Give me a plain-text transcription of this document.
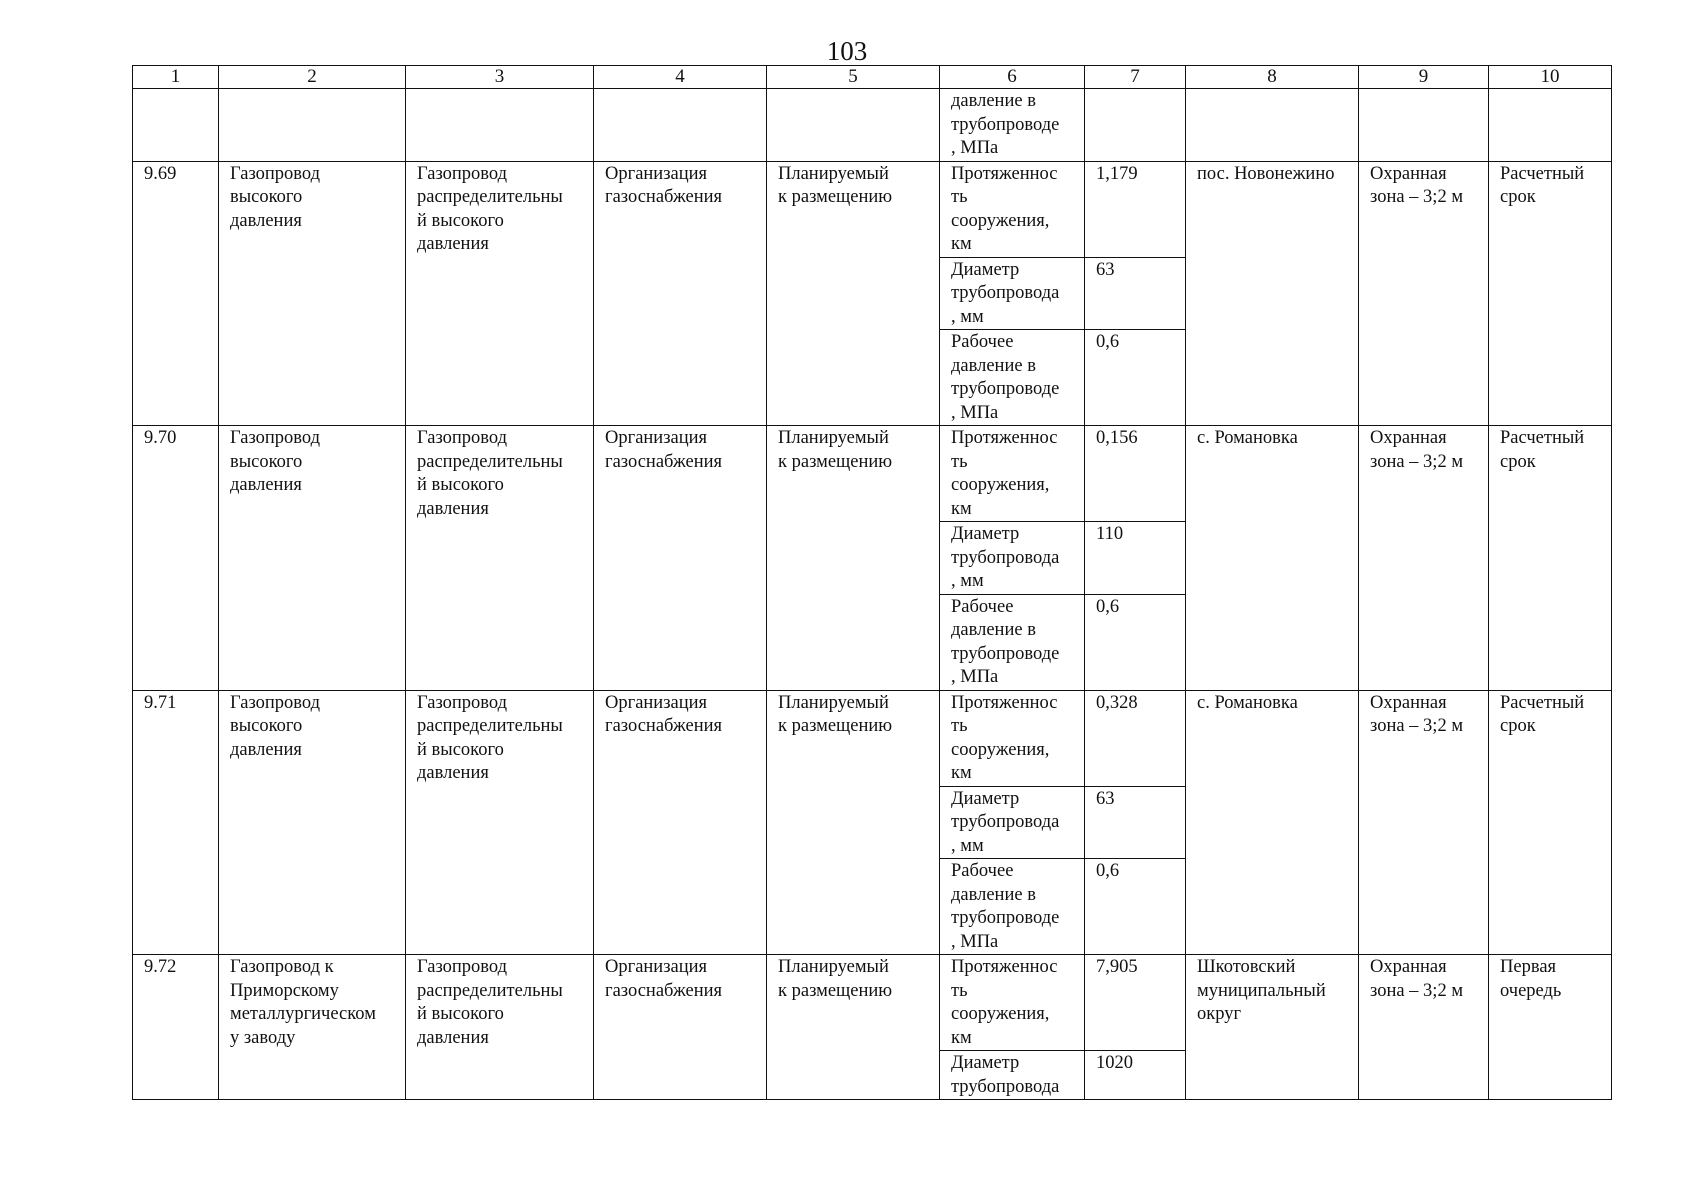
103
1	2	3	4	5	6	7	8	9	10

					давление в
трубопроводе
, МПа				

9.69	Газопровод
высокого
давления	Газопровод
распределительны
й высокого
давления	Организация
газоснабжения	Планируемый
к размещению	Протяженнос
ть
сооружения,
км	1,179	пос. Новонежино	Охранная
зона – 3;2 м	Расчетный
срок

					Диаметр
трубопровода
, мм	63			

					Рабочее
давление в
трубопроводе
, МПа	0,6			

9.70	Газопровод
высокого
давления	Газопровод
распределительны
й высокого
давления	Организация
газоснабжения	Планируемый
к размещению	Протяженнос
ть
сооружения,
км	0,156	с. Романовка	Охранная
зона – 3;2 м	Расчетный
срок

					Диаметр
трубопровода
, мм	110			

					Рабочее
давление в
трубопроводе
, МПа	0,6			

9.71	Газопровод
высокого
давления	Газопровод
распределительны
й высокого
давления	Организация
газоснабжения	Планируемый
к размещению	Протяженнос
ть
сооружения,
км	0,328	с. Романовка	Охранная
зона – 3;2 м	Расчетный
срок

					Диаметр
трубопровода
, мм	63			

					Рабочее
давление в
трубопроводе
, МПа	0,6			

9.72	Газопровод к
Приморскому
металлургическом
у заводу	Газопровод
распределительны
й высокого
давления	Организация
газоснабжения	Планируемый
к размещению	Протяженнос
ть
сооружения,
км	7,905	Шкотовский
муниципальный
округ	Охранная
зона – 3;2 м	Первая
очередь

					Диаметр
трубопровода	1020			
